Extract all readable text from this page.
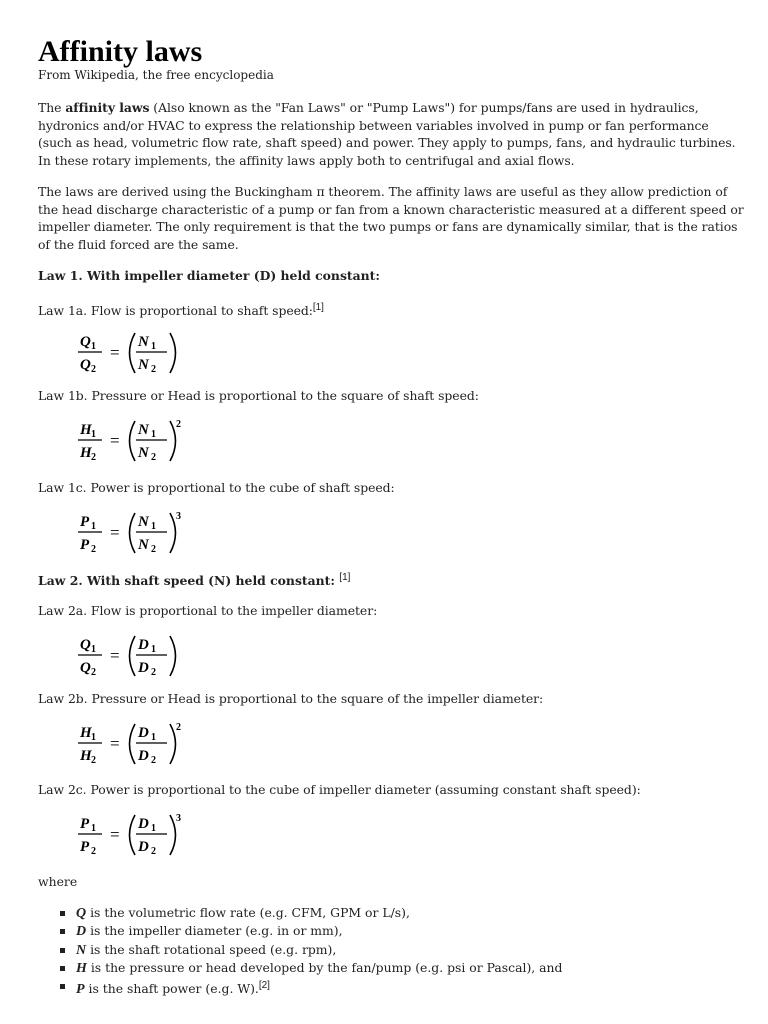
Affinity laws
From Wikipedia, the free encyclopedia
The affinity laws (Also known as the "Fan Laws" or "Pump Laws") for pumps/fans are used in hydraulics,
hydronics and/or HVAC to express the relationship between variables involved in pump or fan performance
(such as head, volumetric flow rate, shaft speed) and power. They apply to pumps, fans, and hydraulic turbines.
In these rotary implements, the affinity laws apply both to centrifugal and axial flows.
The laws are derived using the Buckingham π theorem. The affinity laws are useful as they allow prediction of
the head discharge characteristic of a pump or fan from a known characteristic measured at a different speed or
impeller diameter. The only requirement is that the two pumps or fans are dynamically similar, that is the ratios
of the fluid forced are the same.
Law 1. With impeller diameter (D) held constant:
Law 1a. Flow is proportional to shaft speed:[1]
Q 1
Q 2
=
N 1
N 2
Law 1b. Pressure or Head is proportional to the square of shaft speed:
H 1
H 2
=
N 1
N 2
2
Law 1c. Power is proportional to the cube of shaft speed:
P 1
P 2
=
N 1
N 2
3
Law 2. With shaft speed (N) held constant: [1]
Law 2a. Flow is proportional to the impeller diameter:
Q 1
Q 2
=
D 1
D 2
Law 2b. Pressure or Head is proportional to the square of the impeller diameter:
H 1
H 2
=
D 1
D 2
2
Law 2c. Power is proportional to the cube of impeller diameter (assuming constant shaft speed):
P 1
P 2
=
D 1
D 2
3
where
Q is the volumetric flow rate (e.g. CFM, GPM or L/s),
D is the impeller diameter (e.g. in or mm),
N is the shaft rotational speed (e.g. rpm),
H is the pressure or head developed by the fan/pump (e.g. psi or Pascal), and
P is the shaft power (e.g. W).[2]
